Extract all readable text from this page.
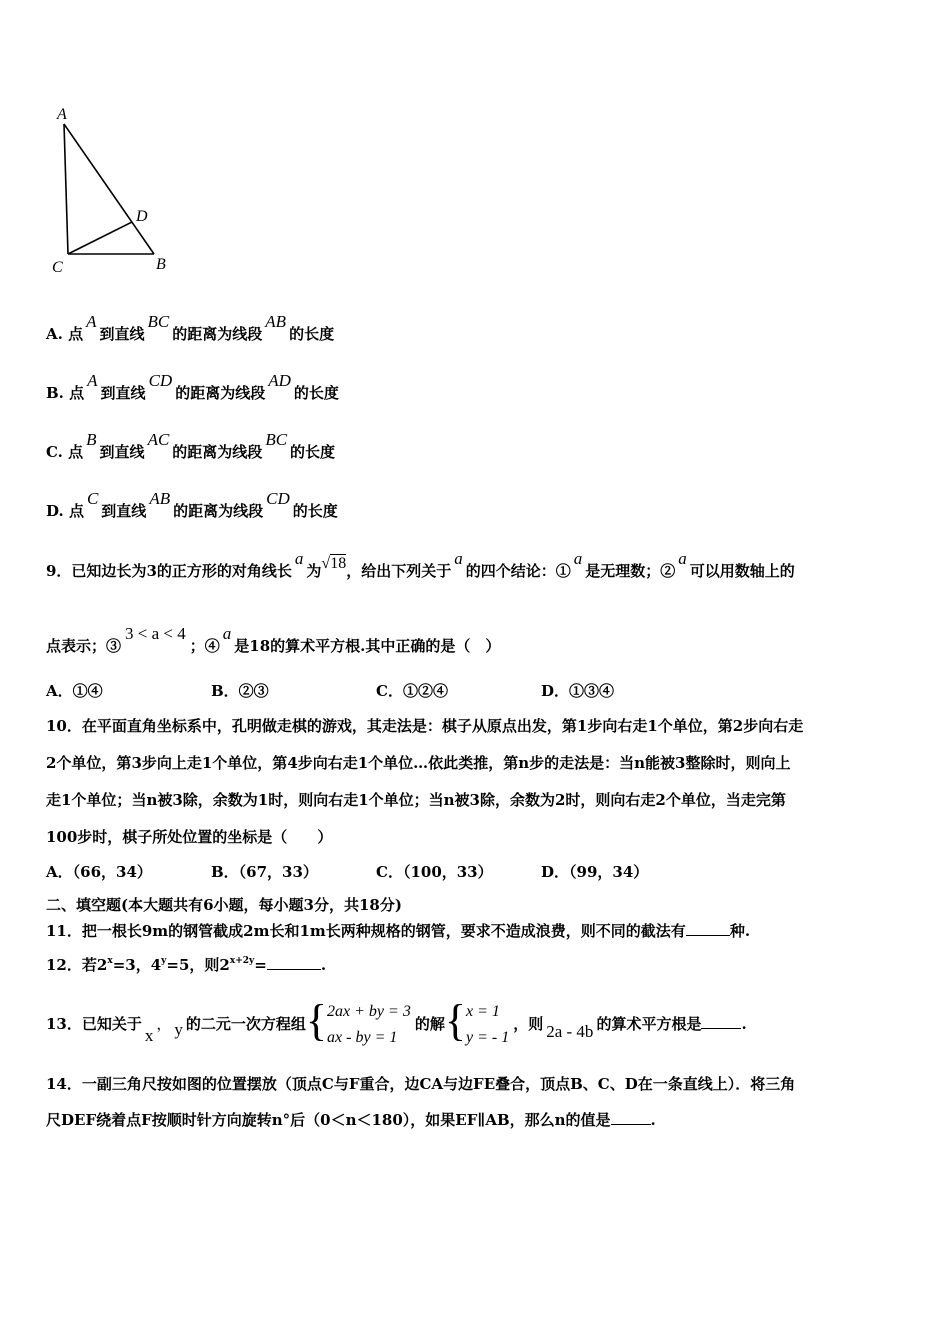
A
C	B
D
A. 点A到直线BC的距离为线段AB的长度
B. 点A到直线CD的距离为线段AD的长度
C. 点B到直线AC的距离为线段BC的长度
D. 点C到直线AB的距离为线段CD的长度
9．已知边长为3的正方形的对角线长a为√18，给出下列关于a的四个结论：①a是无理数；②a可以用数轴上的
点表示；③3 < a < 4；④a是18的算术平方根.其中正确的是（　）
A．①④	B．②③	C．①②④	D．①③④
10．在平面直角坐标系中，孔明做走棋的游戏，其走法是：棋子从原点出发，第1步向右走1个单位，第2步向右走
2个单位，第3步向上走1个单位，第4步向右走1个单位…依此类推，第n步的走法是：当n能被3整除时，则向上
走1个单位；当n被3除，余数为1时，则向右走1个单位；当n被3除，余数为2时，则向右走2个单位，当走完第
100步时，棋子所处位置的坐标是（　　）
A．（66，34）	B．（67，33）	C．（100，33）	D．（99，34）
二、填空题(本大题共有6小题，每小题3分，共18分)
11．把一根长9m的钢管截成2m长和1m长两种规格的钢管，要求不造成浪费，则不同的截法有	种.
12．若$2^x=3$，$4^y=5$，则$2^{x+2y}=$	.
13．已知关于x， y 的二元一次方程组{2ax + by = 3
ax - by = 1的解{x = 1
y = - 1，则 2a - 4b 的算术平方根是	.
14．一副三角尺按如图的位置摆放（顶点C与F重合，边CA与边FE叠合，顶点B、C、D在一条直线上）．将三角
尺DEF绕着点F按顺时针方向旋转n°后（0＜n＜180），如果EF∥AB，那么n的值是	.
